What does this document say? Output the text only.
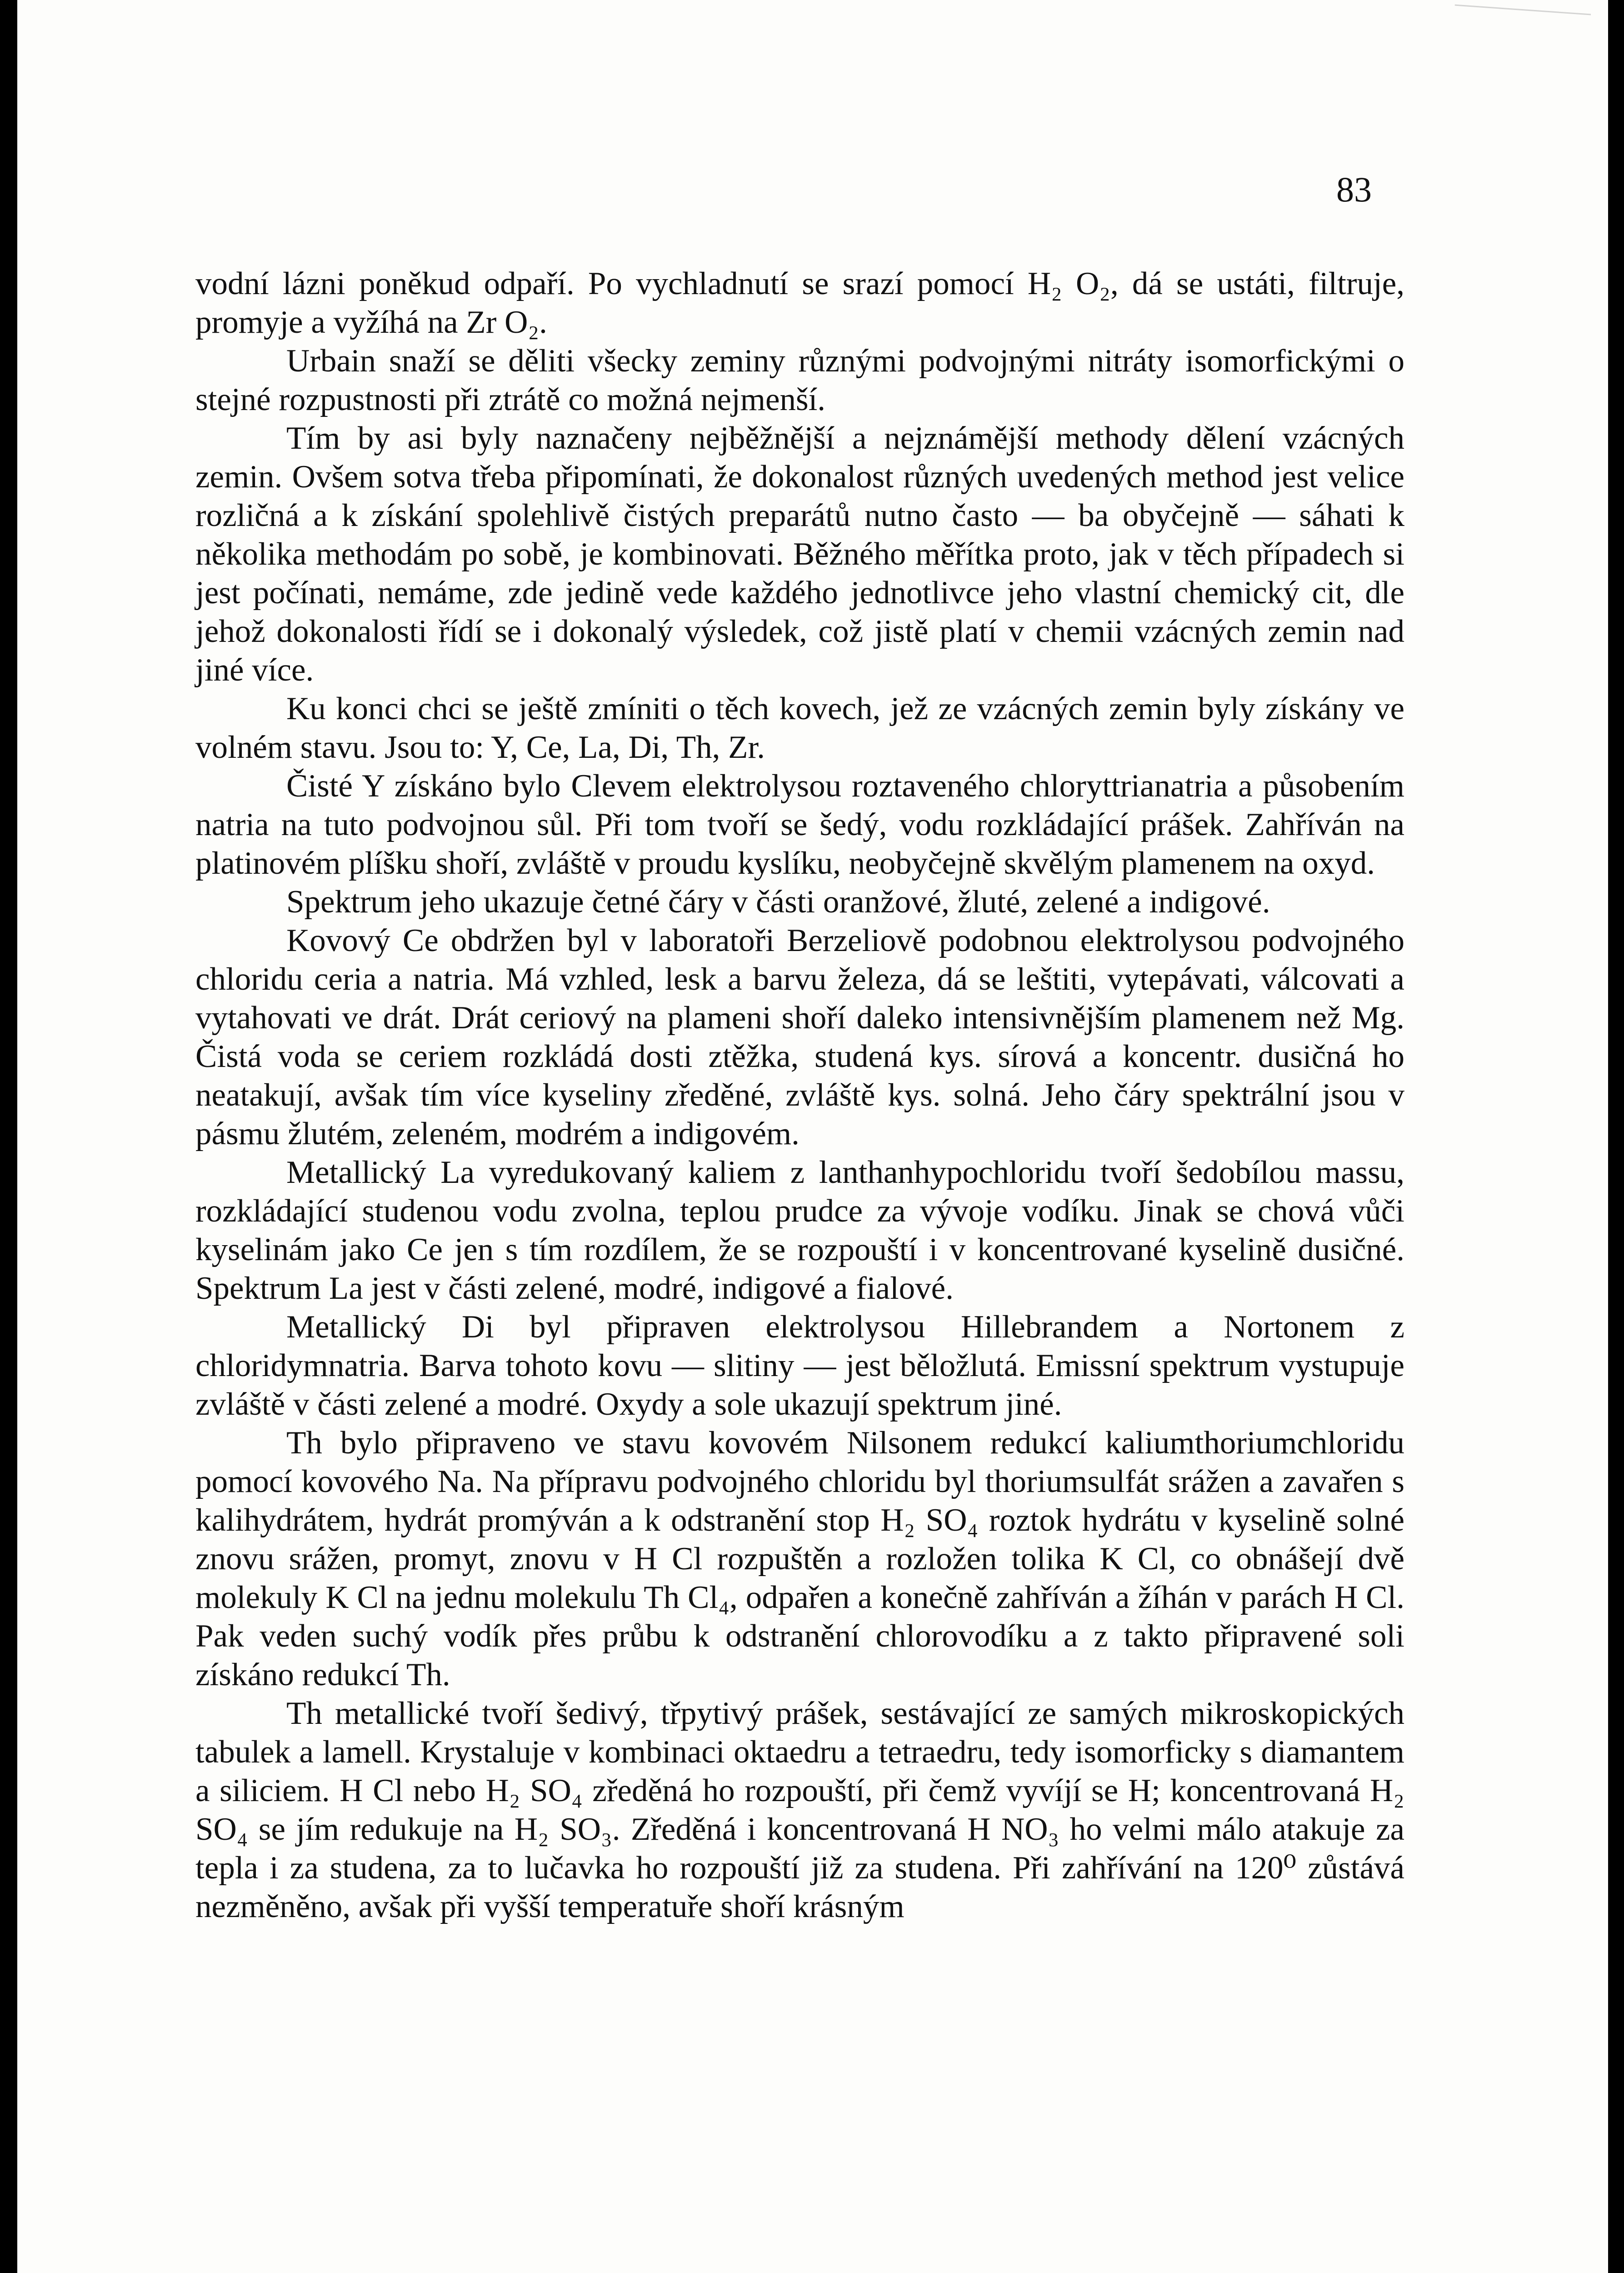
83

vodní lázni poněkud odpaří. Po vychladnutí se srazí pomocí H₂ O₂, dá se ustáti, filtruje, promyje a vyžíhá na Zr O₂.

Urbain snaží se děliti všecky zeminy různými podvojnými nitráty isomorfickými o stejné rozpustnosti při ztrátě co možná nejmenší.

Tím by asi byly naznačeny nejběžnější a nejznámější methody dělení vzácných zemin. Ovšem sotva třeba připomínati, že dokonalost různých uvedených method jest velice rozličná a k získání spolehlivě čistých preparátů nutno často — ba obyčejně — sáhati k několika methodám po sobě, je kombinovati. Běžného měřítka proto, jak v těch případech si jest počínati, nemáme, zde jedině vede každého jednotlivce jeho vlastní chemický cit, dle jehož dokonalosti řídí se i dokonalý výsledek, což jistě platí v chemii vzácných zemin nad jiné více.

Ku konci chci se ještě zmíniti o těch kovech, jež ze vzácných zemin byly získány ve volném stavu. Jsou to: Y, Ce, La, Di, Th, Zr.

Čisté Y získáno bylo Clevem elektrolysou roztaveného chloryttrianatria a působením natria na tuto podvojnou sůl. Při tom tvoří se šedý, vodu rozkládající prášek. Zahříván na platinovém plíšku shoří, zvláště v proudu kyslíku, neobyčejně skvělým plamenem na oxyd.

Spektrum jeho ukazuje četné čáry v části oranžové, žluté, zelené a indigové.

Kovový Ce obdržen byl v laboratoři Berzeliově podobnou elektrolysou podvojného chloridu ceria a natria. Má vzhled, lesk a barvu železa, dá se leštiti, vytepávati, válcovati a vytahovati ve drát. Drát ceriový na plameni shoří daleko intensivnějším plamenem než Mg. Čistá voda se ceriem rozkládá dosti ztěžka, studená kys. sírová a koncentr. dusičná ho neatakují, avšak tím více kyseliny zředěné, zvláště kys. solná. Jeho čáry spektrální jsou v pásmu žlutém, zeleném, modrém a indigovém.

Metallický La vyredukovaný kaliem z lanthanhypochloridu tvoří šedobílou massu, rozkládající studenou vodu zvolna, teplou prudce za vývoje vodíku. Jinak se chová vůči kyselinám jako Ce jen s tím rozdílem, že se rozpouští i v koncentrované kyselině dusičné. Spektrum La jest v části zelené, modré, indigové a fialové.

Metallický Di byl připraven elektrolysou Hillebrandem a Nortonem z chloridymnatria. Barva tohoto kovu — slitiny — jest běložlutá. Emissní spektrum vystupuje zvláště v části zelené a modré. Oxydy a sole ukazují spektrum jiné.

Th bylo připraveno ve stavu kovovém Nilsonem redukcí kaliumthoriumchloridu pomocí kovového Na. Na přípravu podvojného chloridu byl thoriumsulfát srážen a zavařen s kalihydrátem, hydrát promýván a k odstranění stop H₂ SO₄ roztok hydrátu v kyselině solné znovu srážen, promyt, znovu v H Cl rozpuštěn a rozložen tolika K Cl, co obnášejí dvě molekuly K Cl na jednu molekulu Th Cl₄, odpařen a konečně zahříván a žíhán v parách H Cl. Pak veden suchý vodík přes průbu k odstranění chlorovodíku a z takto připravené soli získáno redukcí Th.

Th metallické tvoří šedivý, třpytivý prášek, sestávající ze samých mikroskopických tabulek a lamell. Krystaluje v kombinaci oktaedru a tetraedru, tedy isomorficky s diamantem a siliciem. H Cl nebo H₂ SO₄ zředěná ho rozpouští, při čemž vyvíjí se H; koncentrovaná H₂ SO₄ se jím redukuje na H₂ SO₃. Zředěná i koncentrovaná H NO₃ ho velmi málo atakuje za tepla i za studena, za to lučavka ho rozpouští již za studena. Při zahřívání na 120⁰ zůstává nezměněno, avšak při vyšší temperatuře shoří krásným
